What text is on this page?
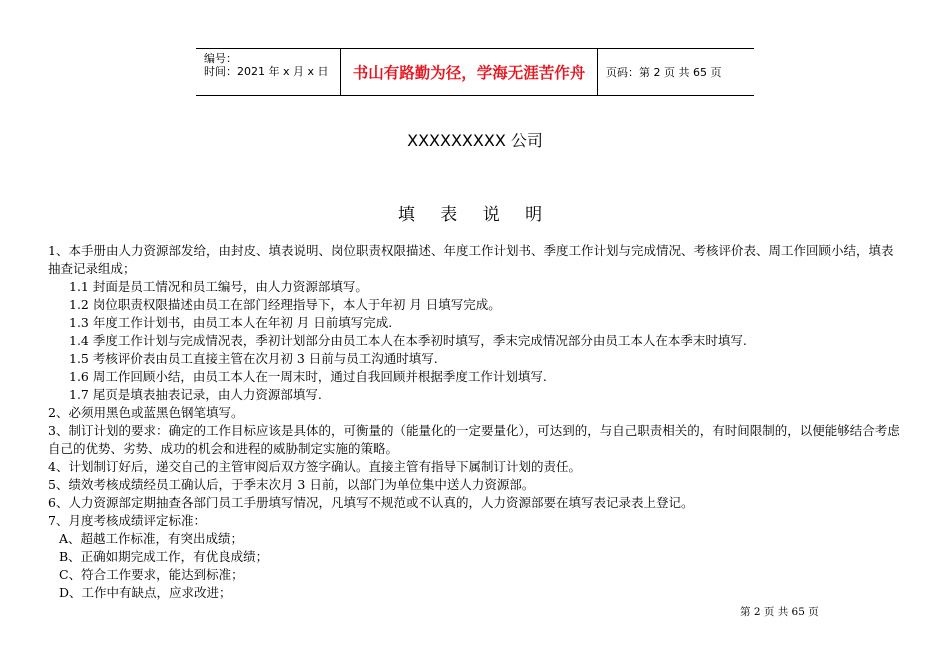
编号：
时间：2021 年 x 月 x 日	书山有路勤为径，学海无涯苦作舟	页码：第 2 页 共 65 页
XXXXXXXXX 公司
填 表 说 明

1、本手册由人力资源部发给，由封皮、填表说明、岗位职责权限描述、年度工作计划书、季度工作计划与完成情况、考核评价表、周工作回顾小结，填表抽查记录组成；

1.1 封面是员工情况和员工编号，由人力资源部填写。

1.2 岗位职责权限描述由员工在部门经理指导下，本人于年初 月 日填写完成。

1.3 年度工作计划书，由员工本人在年初 月 日前填写完成.

1.4 季度工作计划与完成情况表，季初计划部分由员工本人在本季初时填写，季末完成情况部分由员工本人在本季末时填写.

1.5 考核评价表由员工直接主管在次月初 3 日前与员工沟通时填写.

1.6 周工作回顾小结，由员工本人在一周末时，通过自我回顾并根据季度工作计划填写.

1.7 尾页是填表抽表记录，由人力资源部填写.

2、必须用黑色或蓝黑色钢笔填写。

3、制订计划的要求：确定的工作目标应该是具体的，可衡量的（能量化的一定要量化），可达到的，与自己职责相关的，有时间限制的，以便能够结合考虑自己的优势、劣势、成功的机会和进程的威胁制定实施的策略。

4、计划制订好后，递交自己的主管审阅后双方签字确认。直接主管有指导下属制订计划的责任。

5、绩效考核成绩经员工确认后，于季末次月 3 日前，以部门为单位集中送人力资源部。

6、人力资源部定期抽查各部门员工手册填写情况，凡填写不规范或不认真的，人力资源部要在填写表记录表上登记。

7、月度考核成绩评定标准：

A、超越工作标准，有突出成绩；

B、正确如期完成工作，有优良成绩；

C、符合工作要求，能达到标准；

D、工作中有缺点，应求改进；

第 2 页 共 65 页
